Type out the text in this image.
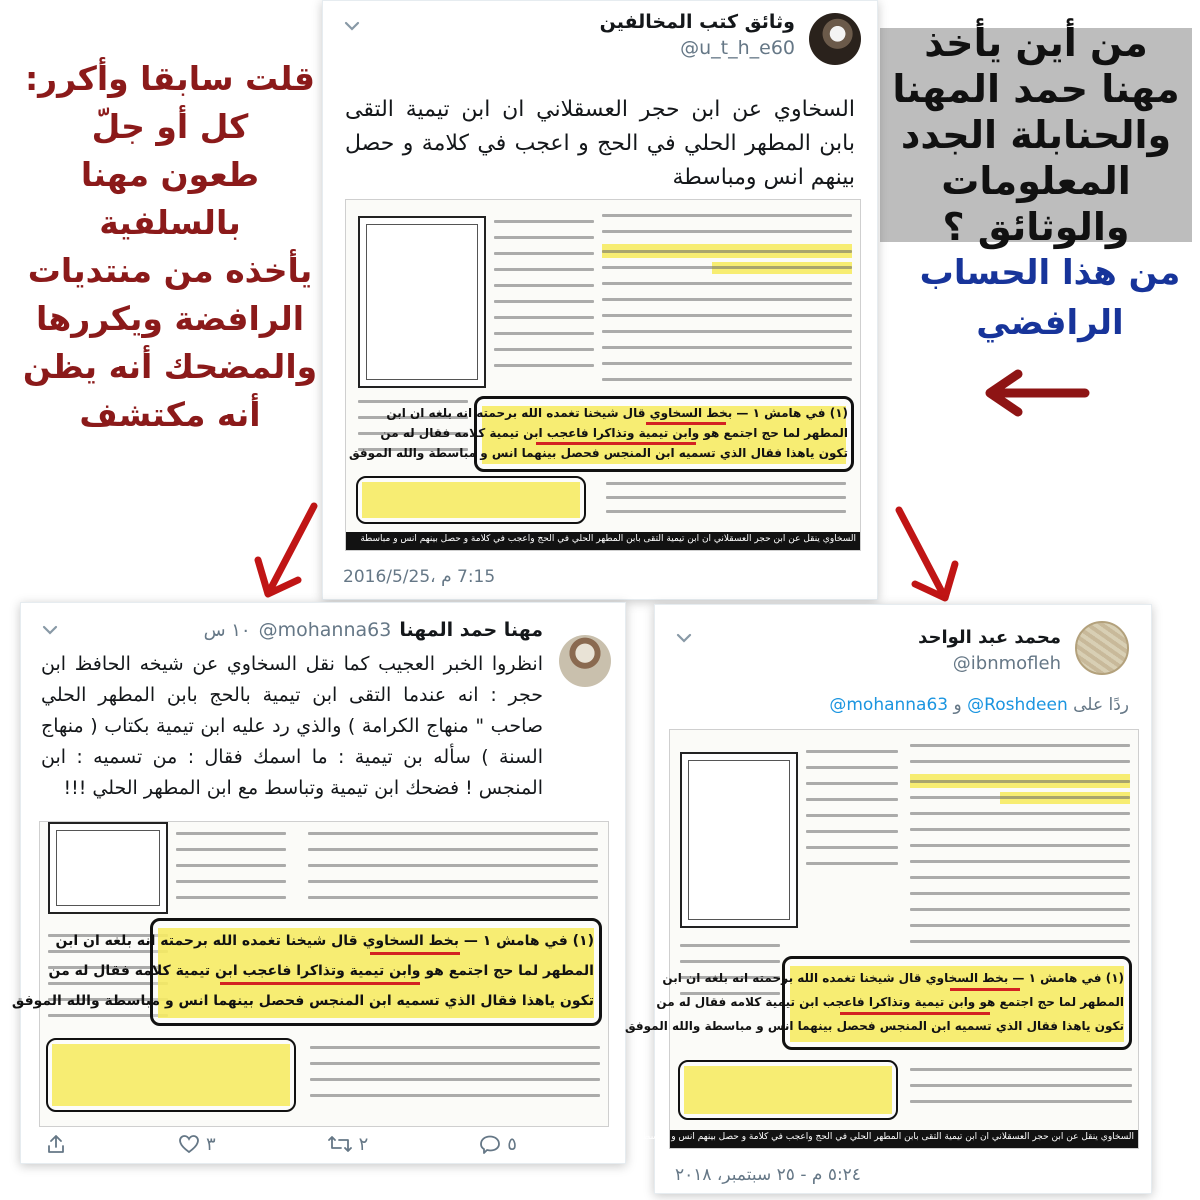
من أين يأخذ
مهنا حمد المهنا
والحنابلة الجدد
المعلومات والوثائق ؟
من هذا الحساب
الرافضي
قلت سابقا وأكرر:
كل أو جلّ
طعون مهنا بالسلفية
يأخذه من منتديات
الرافضة ويكررها
والمضحك أنه يظن
أنه مكتشف
وثائق كتب المخالفين
@u_t_h_e60
السخاوي عن ابن حجر العسقلاني ان ابن تيمية التقى بابن المطهر الحلي في الحج و اعجب في كلامة و حصل بينهم انس ومباسطة
(١) في هامش ١ — بخط السخاوي قال شيخنا تغمده الله برحمته انه بلغه ان ابن
المطهر لما حج اجتمع هو وابن تيمية وتذاكرا فاعجب ابن تيمية كلامه فقال له من
تكون ياهذا فقال الذي تسميه ابن المنجس فحصل بينهما انس و مباسطة والله الموفق
السخاوي ينقل عن ابن حجر العسقلاني ان ابن تيمية التقى بابن المطهر الحلي في الحج واعجب في كلامة و حصل بينهم انس و مباسطة
7:15 م ،2016/5/25
مهنا حمد المهنا
@mohanna63
١٠ س
انظروا الخبر العجيب كما نقل السخاوي عن شيخه الحافظ ابن حجر : انه عندما التقى ابن تيمية بالحج بابن المطهر الحلي صاحب " منهاج الكرامة ) والذي رد عليه ابن تيمية بكتاب ( منهاج السنة ) سأله بن تيمية : ما اسمك فقال : من تسميه : ابن المنجس ! فضحك ابن تيمية وتباسط مع ابن المطهر الحلي !!!
(١) في هامش ١ — بخط السخاوي قال شيخنا تغمده الله برحمته انه بلغه ان ابن
المطهر لما حج اجتمع هو وابن تيمية وتذاكرا فاعجب ابن تيمية كلامه فقال له من
تكون ياهذا فقال الذي تسميه ابن المنجس فحصل بينهما انس و مباسطة والله الموفق
٣	٢	٥
محمد عبد الواحد
@ibnmofleh
ردًا على @Roshdeen و @mohanna63
(١) في هامش ١ — بخط السخاوي قال شيخنا تغمده الله برحمته انه بلغه ان ابن
المطهر لما حج اجتمع هو وابن تيمية وتذاكرا فاعجب ابن تيمية كلامه فقال له من
تكون ياهذا فقال الذي تسميه ابن المنجس فحصل بينهما انس و مباسطة والله الموفق
السخاوي ينقل عن ابن حجر العسقلاني ان ابن تيمية التقى بابن المطهر الحلي في الحج واعجب في كلامة و حصل بينهم انس و مباسطة
٥:٢٤ م - ٢٥ سبتمبر، ٢٠١٨
